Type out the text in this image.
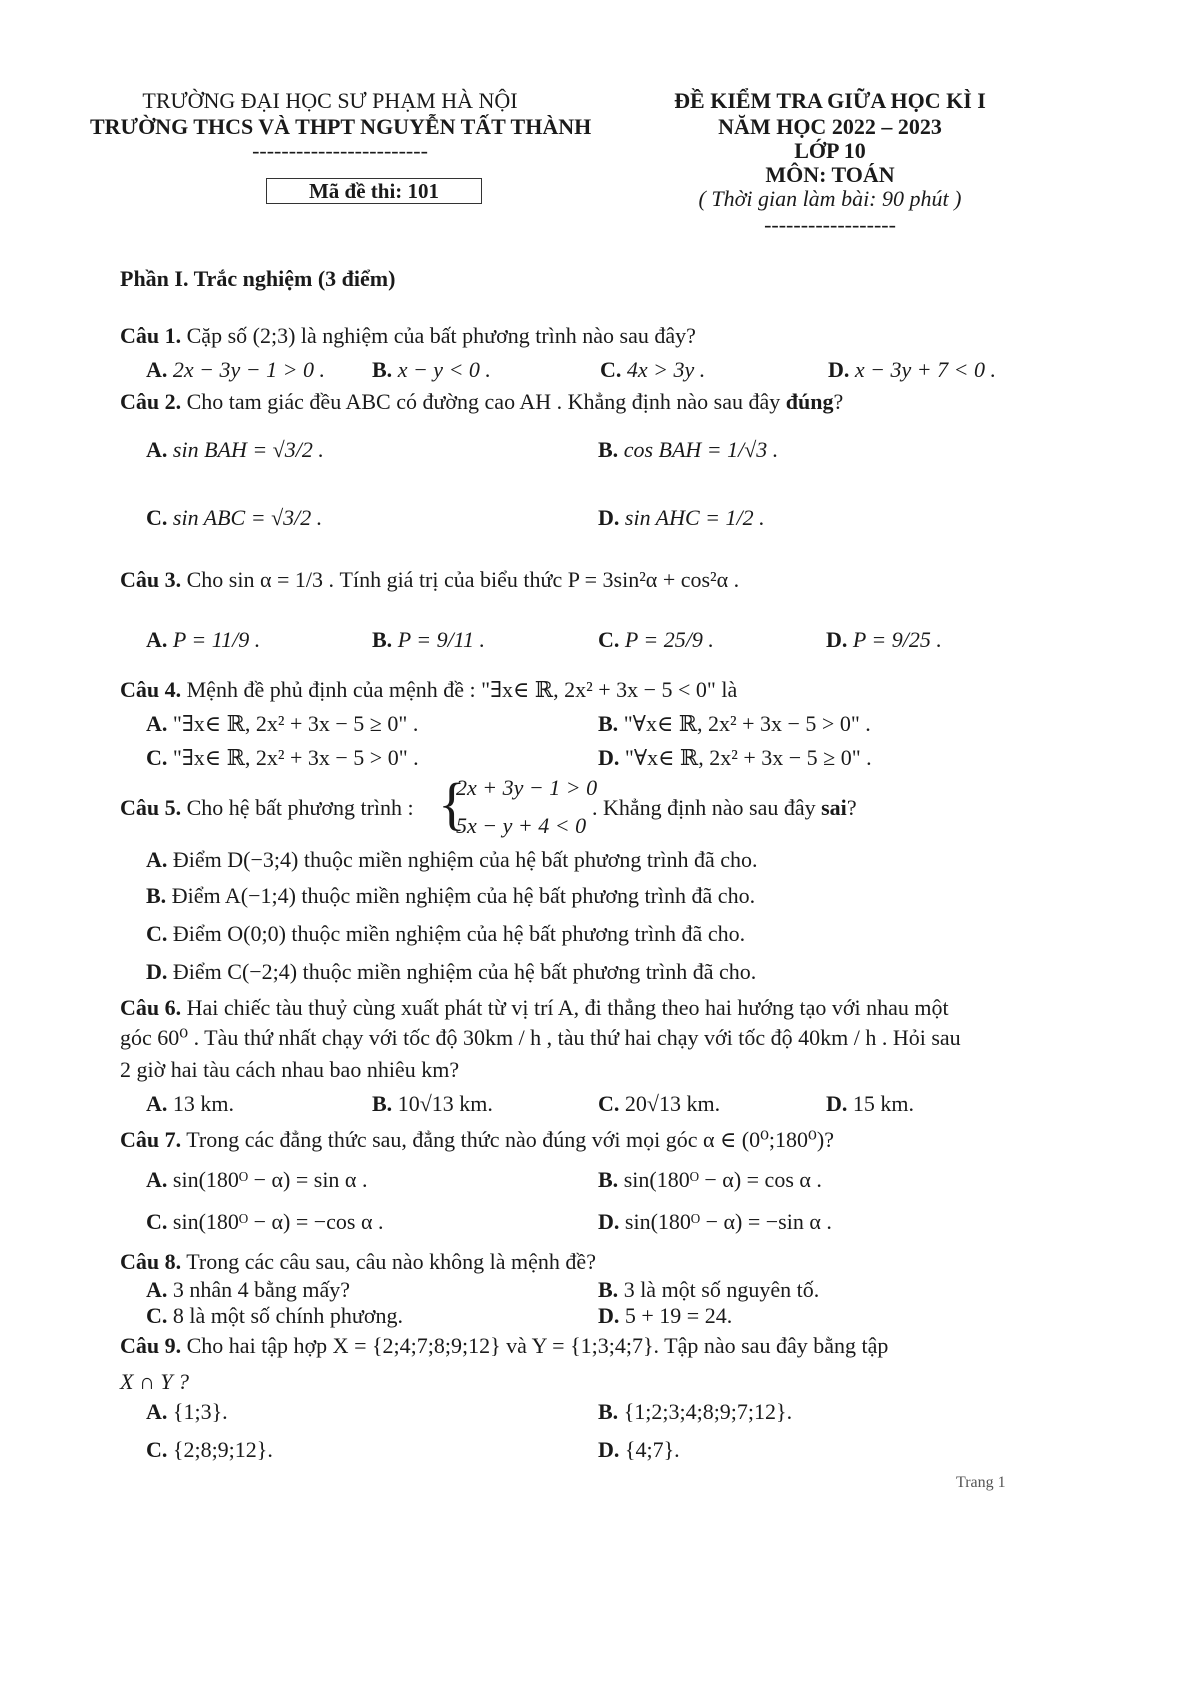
TRƯỜNG ĐẠI HỌC SƯ PHẠM HÀ NỘI
TRƯỜNG THCS VÀ THPT NGUYỄN TẤT THÀNH
------------------------
Mã đề thi: 101
ĐỀ KIỂM TRA GIỮA HỌC KÌ I
NĂM HỌC 2022 – 2023
LỚP 10
MÔN: TOÁN
( Thời gian làm bài: 90 phút )
------------------
Phần I. Trắc nghiệm (3 điểm)
Câu 1. Cặp số (2;3) là nghiệm của bất phương trình nào sau đây?
A. 2x − 3y − 1 > 0 . B. x − y < 0 .	C. 4x > 3y .	D. x − 3y + 7 < 0 .
Câu 2. Cho tam giác đều ABC có đường cao AH . Khẳng định nào sau đây đúng?
A. sin BAH = √3/2 .	B. cos BAH = 1/√3 .
C. sin ABC = √3/2 .	D. sin AHC = 1/2 .
Câu 3. Cho sin α = 1/3 . Tính giá trị của biểu thức P = 3sin²α + cos²α .
A. P = 11/9 .	B. P = 9/11 .	C. P = 25/9 .	D. P = 9/25 .
Câu 4. Mệnh đề phủ định của mệnh đề : "∃x∈ ℝ, 2x² + 3x − 5 < 0" là
A. "∃x∈ ℝ, 2x² + 3x − 5 ≥ 0" .	B. "∀x∈ ℝ, 2x² + 3x − 5 > 0" .
C. "∃x∈ ℝ, 2x² + 3x − 5 > 0" .	D. "∀x∈ ℝ, 2x² + 3x − 5 ≥ 0" .
Câu 5. Cho hệ bất phương trình : {
2x + 3y − 1 > 0
5x − y + 4 < 0
. Khẳng định nào sau đây sai?
A. Điểm D(−3;4) thuộc miền nghiệm của hệ bất phương trình đã cho.
B. Điểm A(−1;4) thuộc miền nghiệm của hệ bất phương trình đã cho.
C. Điểm O(0;0) thuộc miền nghiệm của hệ bất phương trình đã cho.
D. Điểm C(−2;4) thuộc miền nghiệm của hệ bất phương trình đã cho.
Câu 6. Hai chiếc tàu thuỷ cùng xuất phát từ vị trí A, đi thẳng theo hai hướng tạo với nhau một
góc 60⁰ . Tàu thứ nhất chạy với tốc độ 30km / h , tàu thứ hai chạy với tốc độ 40km / h . Hỏi sau
2 giờ hai tàu cách nhau bao nhiêu km?
A. 13 km.	B. 10√13 km.	C. 20√13 km.	D. 15 km.
Câu 7. Trong các đẳng thức sau, đẳng thức nào đúng với mọi góc α ∈ (0⁰;180⁰)?
A. sin(180ᴼ − α) = sin α .	B. sin(180ᴼ − α) = cos α .
C. sin(180ᴼ − α) = −cos α .	D. sin(180ᴼ − α) = −sin α .
Câu 8. Trong các câu sau, câu nào không là mệnh đề?
A. 3 nhân 4 bằng mấy?	B. 3 là một số nguyên tố.
C. 8 là một số chính phương.	D. 5 + 19 = 24.
Câu 9. Cho hai tập hợp X = {2;4;7;8;9;12} và Y = {1;3;4;7}. Tập nào sau đây bằng tập
X ∩ Y ?
A. {1;3}.	B. {1;2;3;4;8;9;7;12}.
C. {2;8;9;12}.	D. {4;7}.
Trang 1
